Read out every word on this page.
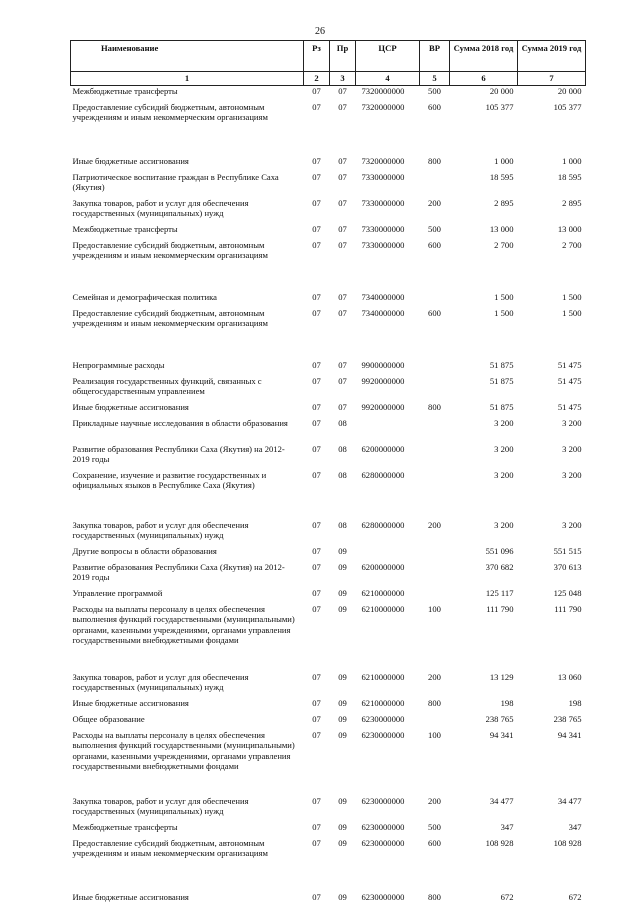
26
Наименование	Рз	Пр	ЦСР	ВР	Сумма 2018 год	Сумма 2019 год
1	2	3	4	5	6	7
Межбюджетные трансферты	07	07	7320000000	500	20 000	20 000
Предоставление субсидий бюджетным, автономным учреждениям и иным некоммерческим организациям	07	07	7320000000	600	105 377	105 377

Иные бюджетные ассигнования	07	07	7320000000	800	1 000	1 000
Патриотическое воспитание граждан в Республике Саха (Якутия)	07	07	7330000000		18 595	18 595
Закупка товаров, работ и услуг для обеспечения государственных (муниципальных) нужд	07	07	7330000000	200	2 895	2 895
Межбюджетные трансферты	07	07	7330000000	500	13 000	13 000
Предоставление субсидий бюджетным, автономным учреждениям и иным некоммерческим организациям	07	07	7330000000	600	2 700	2 700

Семейная и демографическая политика	07	07	7340000000		1 500	1 500
Предоставление субсидий бюджетным, автономным учреждениям и иным некоммерческим организациям	07	07	7340000000	600	1 500	1 500

Непрограммные расходы	07	07	9900000000		51 875	51 475
Реализация государственных функций, связанных с общегосударственным управлением	07	07	9920000000		51 875	51 475
Иные бюджетные ассигнования	07	07	9920000000	800	51 875	51 475
Прикладные научные исследования в области образования	07	08			3 200	3 200
Развитие образования Республики Саха (Якутия) на 2012-2019 годы	07	08	6200000000		3 200	3 200
Сохранение, изучение и развитие государственных и официальных языков в Республике Саха (Якутия)	07	08	6280000000		3 200	3 200

Закупка товаров, работ и услуг для обеспечения государственных (муниципальных) нужд	07	08	6280000000	200	3 200	3 200
Другие вопросы в области образования	07	09			551 096	551 515
Развитие образования Республики Саха (Якутия) на 2012-2019 годы	07	09	6200000000		370 682	370 613
Управление программой	07	09	6210000000		125 117	125 048
Расходы на выплаты персоналу в целях обеспечения выполнения функций государственными (муниципальными) органами, казенными учреждениями, органами управления государственными внебюджетными фондами	07	09	6210000000	100	111 790	111 790

Закупка товаров, работ и услуг для обеспечения государственных (муниципальных) нужд	07	09	6210000000	200	13 129	13 060
Иные бюджетные ассигнования	07	09	6210000000	800	198	198
Общее образование	07	09	6230000000		238 765	238 765
Расходы на выплаты персоналу в целях обеспечения выполнения функций государственными (муниципальными) органами, казенными учреждениями, органами управления государственными внебюджетными фондами	07	09	6230000000	100	94 341	94 341

Закупка товаров, работ и услуг для обеспечения государственных (муниципальных) нужд	07	09	6230000000	200	34 477	34 477
Межбюджетные трансферты	07	09	6230000000	500	347	347
Предоставление субсидий бюджетным, автономным учреждениям и иным некоммерческим организациям	07	09	6230000000	600	108 928	108 928

Иные бюджетные ассигнования	07	09	6230000000	800	672	672
